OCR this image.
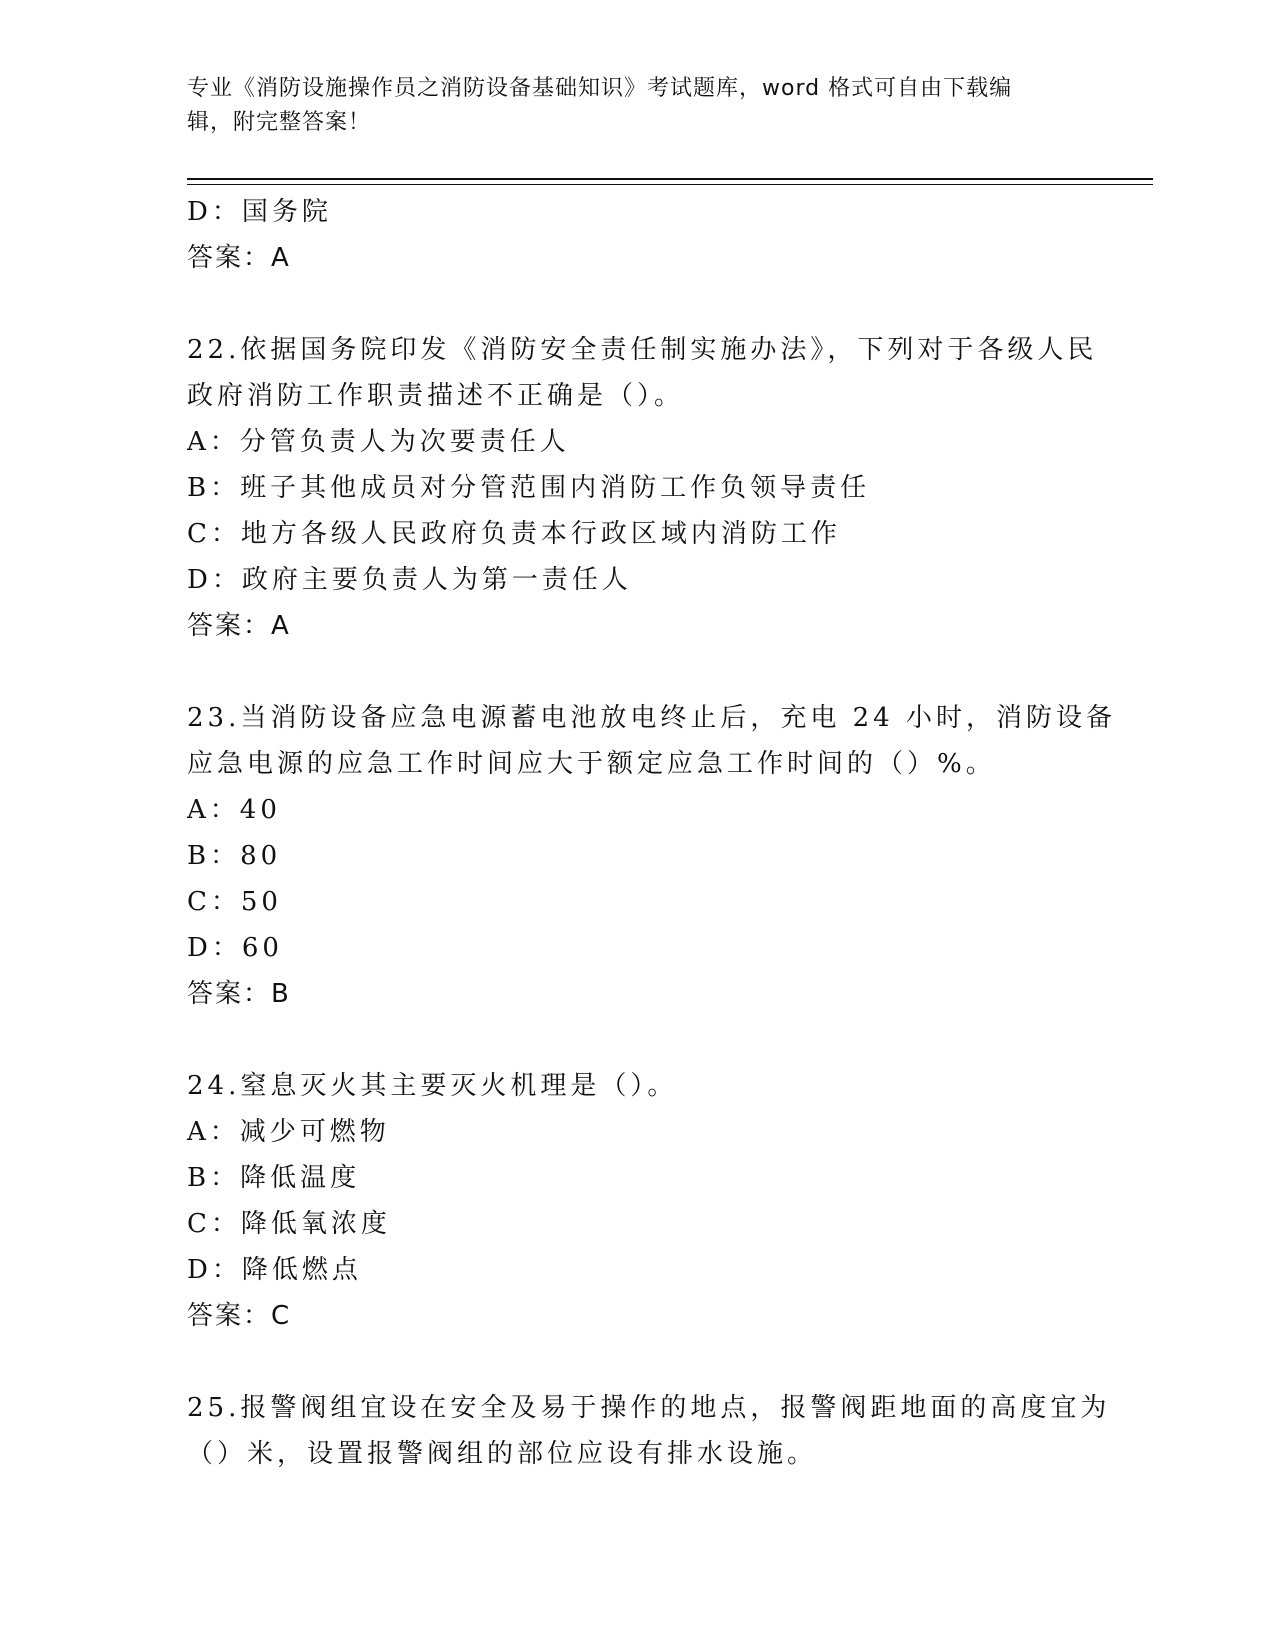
专业《消防设施操作员之消防设备基础知识》考试题库，word 格式可自由下载编
辑，附完整答案！
D：国务院
答案：A
22.依据国务院印发《消防安全责任制实施办法》，下列对于各级人民
政府消防工作职责描述不正确是（）。
A：分管负责人为次要责任人
B：班子其他成员对分管范围内消防工作负领导责任
C：地方各级人民政府负责本行政区域内消防工作
D：政府主要负责人为第一责任人
答案：A
23.当消防设备应急电源蓄电池放电终止后，充电 24 小时，消防设备
应急电源的应急工作时间应大于额定应急工作时间的（）%。
A：40
B：80
C：50
D：60
答案：B
24.窒息灭火其主要灭火机理是（）。
A：减少可燃物
B：降低温度
C：降低氧浓度
D：降低燃点
答案：C
25.报警阀组宜设在安全及易于操作的地点，报警阀距地面的高度宜为
（）米，设置报警阀组的部位应设有排水设施。
